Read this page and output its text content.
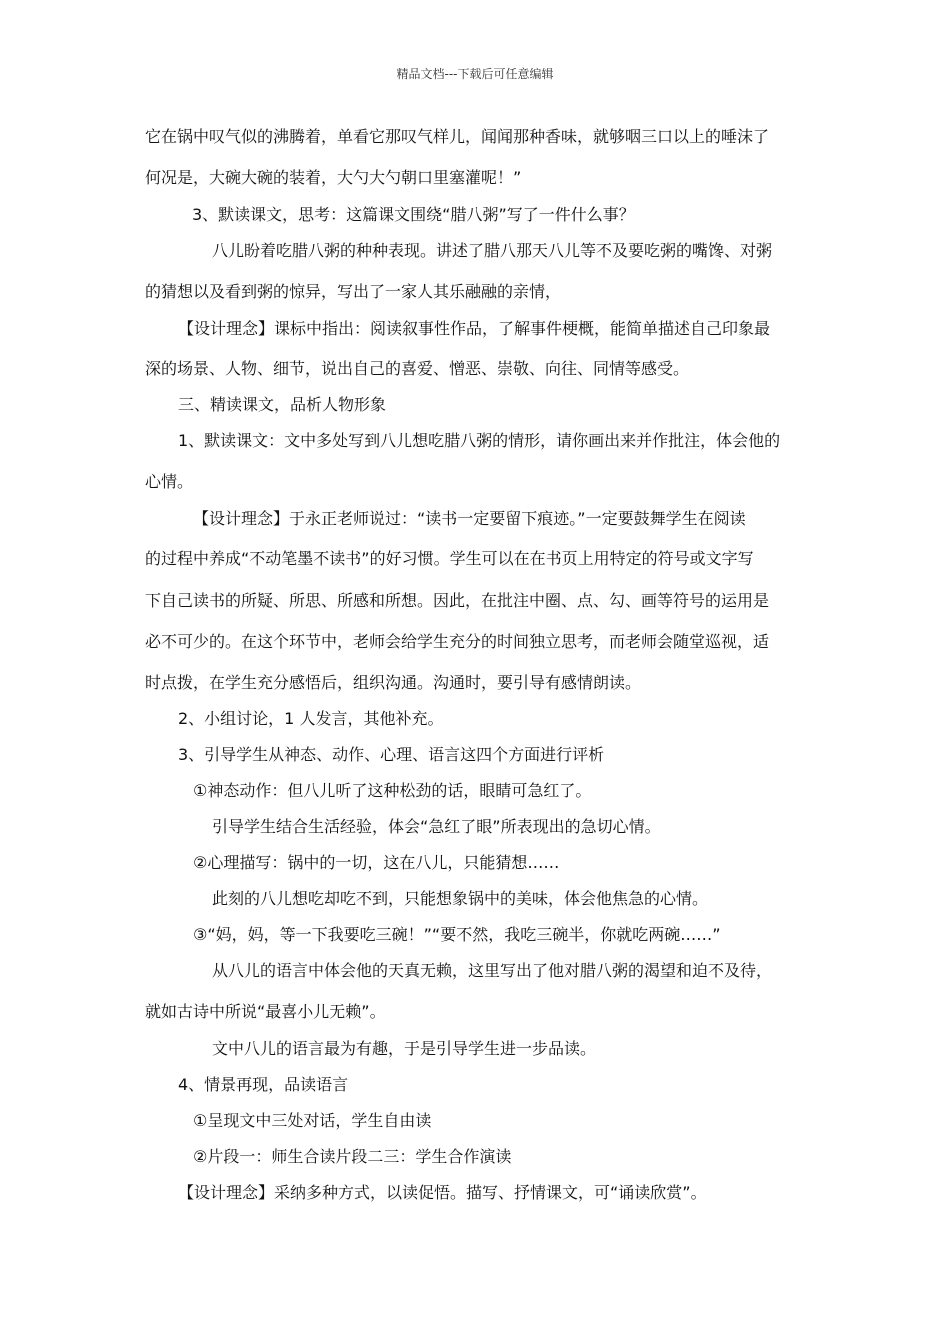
精品文档---下载后可任意编辑
它在锅中叹气似的沸腾着，单看它那叹气样儿，闻闻那种香味，就够咽三口以上的唾沫了
何况是，大碗大碗的装着，大勺大勺朝口里塞灌呢！”
3、默读课文，思考：这篇课文围绕“腊八粥”写了一件什么事？
八儿盼着吃腊八粥的种种表现。讲述了腊八那天八儿等不及要吃粥的嘴馋、对粥
的猜想以及看到粥的惊异，写出了一家人其乐融融的亲情，
【设计理念】课标中指出：阅读叙事性作品，了解事件梗概，能简单描述自己印象最
深的场景、人物、细节，说出自己的喜爱、憎恶、崇敬、向往、同情等感受。
三、精读课文，品析人物形象
1、默读课文：文中多处写到八儿想吃腊八粥的情形，请你画出来并作批注，体会他的
心情。
【设计理念】于永正老师说过：“读书一定要留下痕迹。”一定要鼓舞学生在阅读
的过程中养成“不动笔墨不读书”的好习惯。学生可以在在书页上用特定的符号或文字写
下自己读书的所疑、所思、所感和所想。因此，在批注中圈、点、勾、画等符号的运用是
必不可少的。在这个环节中，老师会给学生充分的时间独立思考，而老师会随堂巡视，适
时点拨，在学生充分感悟后，组织沟通。沟通时，要引导有感情朗读。
2、小组讨论，1 人发言，其他补充。
3、引导学生从神态、动作、心理、语言这四个方面进行评析
①神态动作：但八儿听了这种松劲的话，眼睛可急红了。
引导学生结合生活经验，体会“急红了眼”所表现出的急切心情。
②心理描写：锅中的一切，这在八儿，只能猜想……
此刻的八儿想吃却吃不到，只能想象锅中的美味，体会他焦急的心情。
③“妈，妈，等一下我要吃三碗！”“要不然，我吃三碗半，你就吃两碗……”
从八儿的语言中体会他的天真无赖，这里写出了他对腊八粥的渴望和迫不及待，
就如古诗中所说“最喜小儿无赖”。
文中八儿的语言最为有趣，于是引导学生进一步品读。
4、情景再现，品读语言
①呈现文中三处对话，学生自由读
②片段一：师生合读片段二三：学生合作演读
【设计理念】采纳多种方式，以读促悟。描写、抒情课文，可“诵读欣赏”。
